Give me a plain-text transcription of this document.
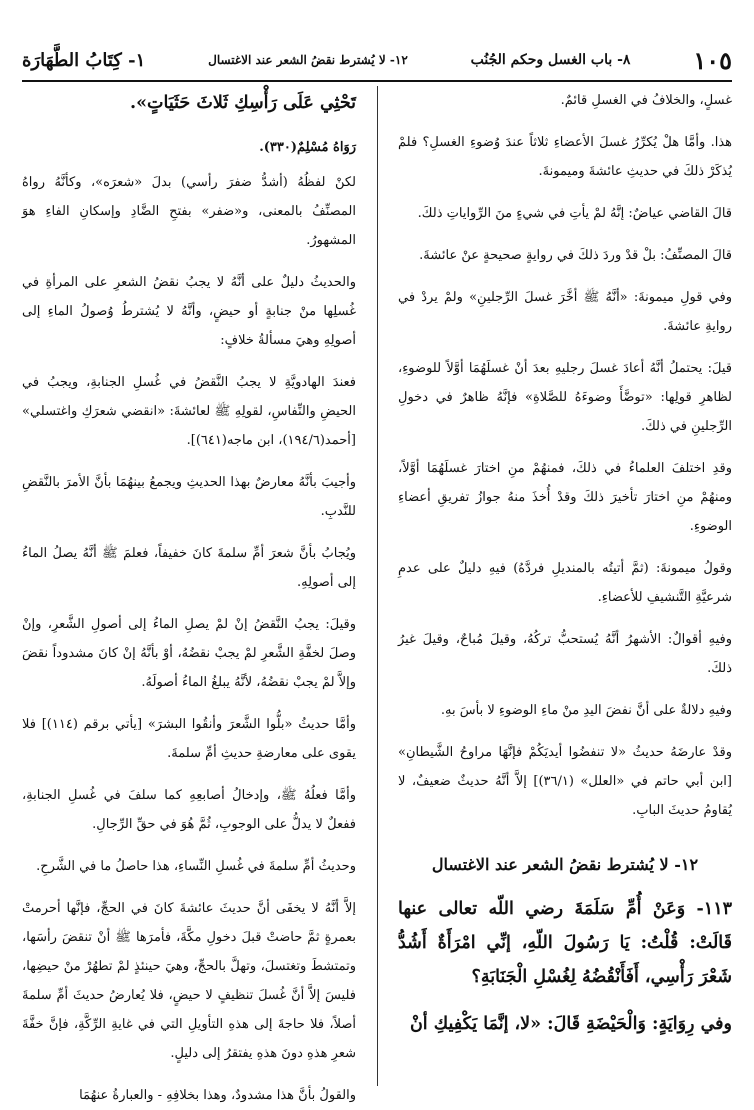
١٠٥
٨- باب الغسل وحكم الجُنُب
١٢- لا يُشترط نقضُ الشعر عند الاغتسال
١- كِتَابُ الطَّهَارَة

غسلٍ، والخلافُ في الغسلِ قائمٌ.

هذا. وأمَّا هلْ يُكرِّرُ غسلَ الأعضاءِ ثلاثاً عندَ وُضوءِ الغسلِ؟ فلمْ يُذكَرْ ذلكَ في حديثِ عائشةَ وميمونةَ.

قالَ القاضي عياضٌ: إنَّهُ لمْ يأتِ في شيءٍ منَ الرِّواياتِ ذلكَ.

قالَ المصنِّفُ: بلْ قدْ وردَ ذلكَ في روايةٍ صحيحةٍ عنْ عائشةَ.

وفي قولِ ميمونةَ: «أنَّهُ ﷺ أخَّرَ غسلَ الرِّجلينِ» ولمْ يردْ في روايةِ عائشةَ.

قيلَ: يحتملُ أنَّهُ أعادَ غسلَ رجليهِ بعدَ أنْ غسلَهُمَا أوَّلاً للوضوءِ، لظاهرِ قولِها: «توضَّأَ وضوءَهُ للصَّلاةِ» فإنَّهُ ظاهرٌ في دخولِ الرِّجلينِ في ذلكَ.

وقدِ اختلفَ العلماءُ في ذلكَ، فمنهُمْ منِ اختارَ غسلَهُمَا أوَّلاً، ومنهُمْ منِ اختارَ تأخيرَ ذلكَ وقدْ أُخذَ منهُ جوازُ تفريقِ أعضاءِ الوضوءِ.

وقولُ ميمونةَ: (ثمَّ أتيتُه بالمنديلِ فردَّهُ) فيهِ دليلٌ على عدمِ شرعيَّةِ التَّنشيفِ للأعضاءِ.

وفيهِ أقوالٌ: الأشهرُ أنَّهُ يُستحبُّ تركُهُ، وقيلَ مُباحٌ، وقيلَ غيرُ ذلكَ.

وفيهِ دلالةٌ على أنَّ نفضَ اليدِ منْ ماءِ الوضوءِ لا بأسَ بهِ.

وقدْ عارضَهُ حديثُ «لا تنفضُوا أيديَكُمْ فإنَّهَا مراوحُ الشَّيطانِ» [ابن أبي حاتم في «العلل» (٣٦/١)] إلاَّ أنَّهُ حديثٌ ضعيفٌ، لا يُقاومُ حديثَ البابِ.

١٢- لا يُشترط نقضُ الشعر عند الاغتسال

١١٣- وَعَنْ أُمِّ سَلَمَةَ رضي اللّه تعالى عنها قَالَتْ: قُلْتُ: يَا رَسُولَ اللّهِ، إنِّي امْرَأَةٌ أَشُدُّ شَعْرَ رَأْسِي، أَفَأَنْقُضُهُ لِغُسْلِ الْجَنَابَةِ؟

وفي رِوَايَةٍ: وَالْحَيْضَةِ قَالَ: «لا، إنَّمَا يَكْفِيكِ أنْ

تَحْثِي عَلَى رَأْسِكِ ثَلاثَ حَثَيَاتٍ».

رَوَاهُ مُسْلِمٌ(٣٣٠).

لكنْ لفظُهُ (أشدُّ ضفرَ رأسي) بدلَ «شعرَه»، وكأنَّهُ رواهُ المصنِّفُ بالمعنى، و«ضفر» بفتحِ الضَّادِ وإسكانِ الفاءِ هوَ المشهورُ.

والحديثُ دليلٌ على أنَّهُ لا يجبُ نقضُ الشعرِ على المرأةِ في غُسلِها منْ جنابةٍ أو حيضٍ، وأنَّهُ لا يُشترطُ وُصولُ الماءِ إلى أصولِهِ وهيَ مسألةُ خلافٍ:

فعندَ الهادويَّةِ لا يجبُ النَّقضُ في غُسلِ الجنابةِ، ويجبُ في الحيضِ والنِّفاسِ، لقولِهِ ﷺ لعائشةَ: «انقضي شعرَكِ واغتسلي» [أحمد(١٩٤/٦)، ابن ماجه(٦٤١)].

وأجيبَ بأنَّهُ معارضٌ بهذا الحديثِ ويجمعُ بينهُمَا بأنَّ الأمرَ بالنَّقضِ للنَّدبِ.

ويُجابُ بأنَّ شعرَ أمِّ سلمةَ كانَ خفيفاً، فعلمَ ﷺ أنَّهُ يصلُ الماءُ إلى أصولِهِ.

وقيلَ: يجبُ النَّقضُ إنْ لمْ يصلِ الماءُ إلى أصولِ الشَّعرِ، وإنْ وصلَ لخفَّةِ الشَّعرِ لمْ يجبْ نقضُهُ، أوْ بأنَّهُ إنْ كانَ مشدوداً نقضَ وإلاَّ لمْ يجبْ نقضُهُ، لأنَّهُ يبلغُ الماءُ أصولَهُ.

وأمَّا حديثُ «بلُّوا الشَّعرَ وأنقُوا البشرَ» [يأتي برقم (١١٤)] فلا يقوى على معارضةِ حديثِ أمِّ سلمةَ.

وأمَّا فعلُهُ ﷺ، وإدخالُ أصابعِهِ كما سلفَ في غُسلِ الجنابةِ، ففعلٌ لا يدلُّ على الوجوبِ، ثُمَّ هُوَ في حقِّ الرِّجالِ.

وحديثُ أمِّ سلمةَ في غُسلِ النِّساءِ، هذا حاصلُ ما في الشَّرحِ.

إلاَّ أنَّهُ لا يخفَى أنَّ حديثَ عائشةَ كانَ في الحجِّ، فإنَّها أحرمتْ بعمرةٍ ثمَّ حاضتْ قبلَ دخولِ مكَّةَ، فأمرَها ﷺ أنْ تنقضَ رأسَها، وتمتشطَ وتغتسلَ، وتهلَّ بالحجِّ، وهيَ حينئذٍ لمْ تطهُرْ منْ حيضِها، فليسَ إلاَّ أنَّ غُسلَ تنظيفٍ لا حيضٍ، فلا يُعارضُ حديثَ أمِّ سلمةَ أصلاً، فلا حاجةَ إلى هذهِ التأويلِ التي في غايةِ الرِّكَّةِ، فإنَّ خفَّةَ شعرِ هذهِ دونَ هذهِ يفتقرُ إلى دليلٍ.

والقولُ بأنَّ هذا مشدودٌ، وهذا بخلافِهِ - والعبارةُ عنهُمَا
